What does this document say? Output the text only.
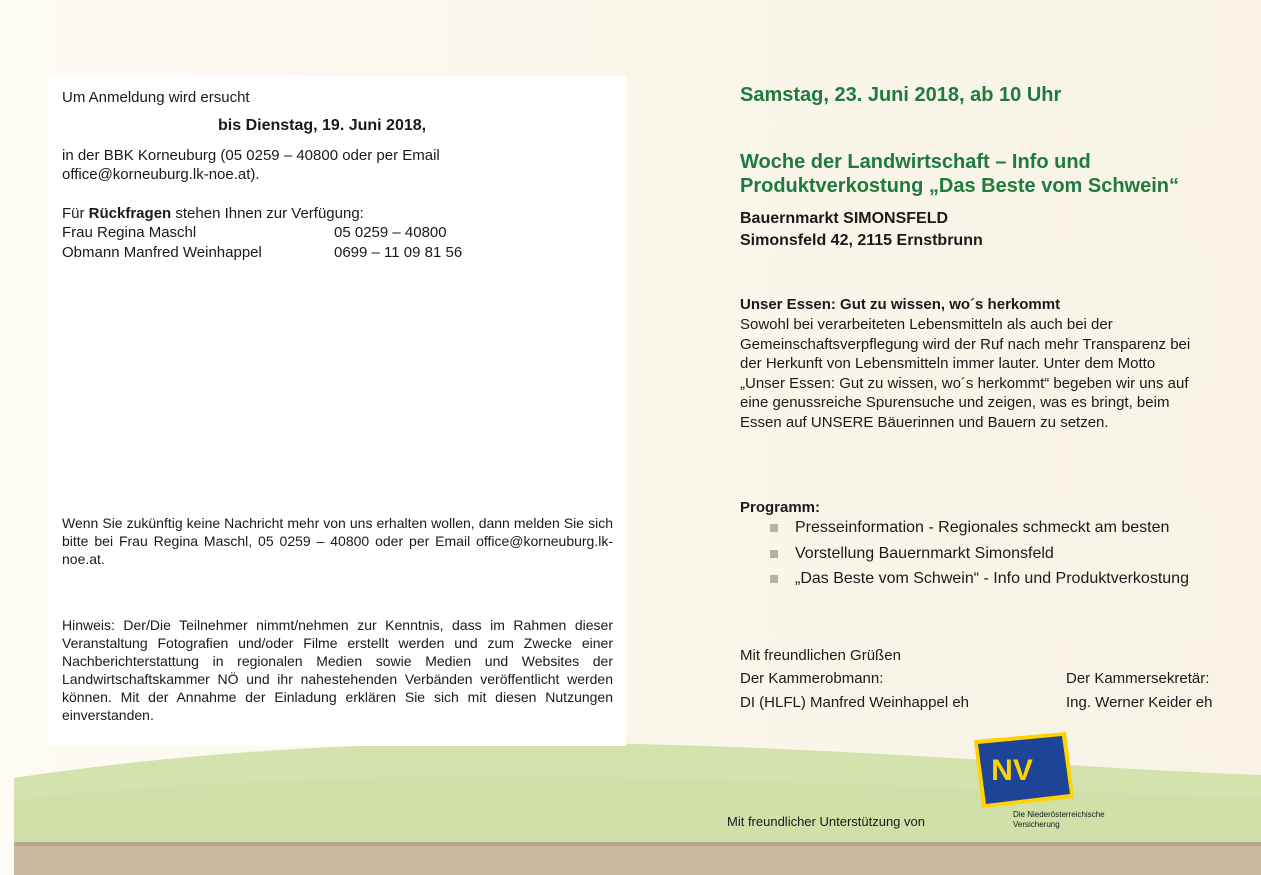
Um Anmeldung wird ersucht
bis Dienstag, 19. Juni 2018,
in der BBK Korneuburg (05 0259 – 40800 oder per Email
office@korneuburg.lk-noe.at).
Für Rückfragen stehen Ihnen zur Verfügung:
Frau Regina Maschl	05 0259 – 40800
Obmann Manfred Weinhappel	0699 – 11 09 81 56
Wenn Sie zukünftig keine Nachricht mehr von uns erhalten wollen, dann melden Sie sich bitte bei Frau Regina Maschl, 05 0259 – 40800 oder per Email office@korneuburg.lk-noe.at.
Hinweis: Der/Die Teilnehmer nimmt/nehmen zur Kenntnis, dass im Rahmen dieser Veranstaltung Fotografien und/oder Filme erstellt werden und zum Zwecke einer Nachberichterstattung in regionalen Medien sowie Medien und Websites der Landwirtschaftskammer NÖ und ihr nahestehenden Verbänden veröffentlicht werden können. Mit der Annahme der Einladung erklären Sie sich mit diesen Nutzungen einverstanden.
Samstag, 23. Juni 2018, ab 10 Uhr
Woche der Landwirtschaft – Info und
Produktverkostung „Das Beste vom Schwein“
Bauernmarkt SIMONSFELD
Simonsfeld 42, 2115 Ernstbrunn
Unser Essen: Gut zu wissen, wo´s herkommt
Sowohl bei verarbeiteten Lebensmitteln als auch bei der
Gemeinschaftsverpflegung wird der Ruf nach mehr Transparenz bei
der Herkunft von Lebensmitteln immer lauter. Unter dem Motto
„Unser Essen: Gut zu wissen, wo´s herkommt“ begeben wir uns auf
eine genussreiche Spurensuche und zeigen, was es bringt, beim
Essen auf UNSERE Bäuerinnen und Bauern zu setzen.
Programm:
Presseinformation - Regionales schmeckt am besten
Vorstellung Bauernmarkt Simonsfeld
„Das Beste vom Schwein“ - Info und Produktverkostung
Mit freundlichen Grüßen
Der Kammerobmann:
DI (HLFL) Manfred Weinhappel eh
Der Kammersekretär:
Ing. Werner Keider eh
Mit freundlicher Unterstützung von
NV
Die Niederösterreichische
Versicherung
